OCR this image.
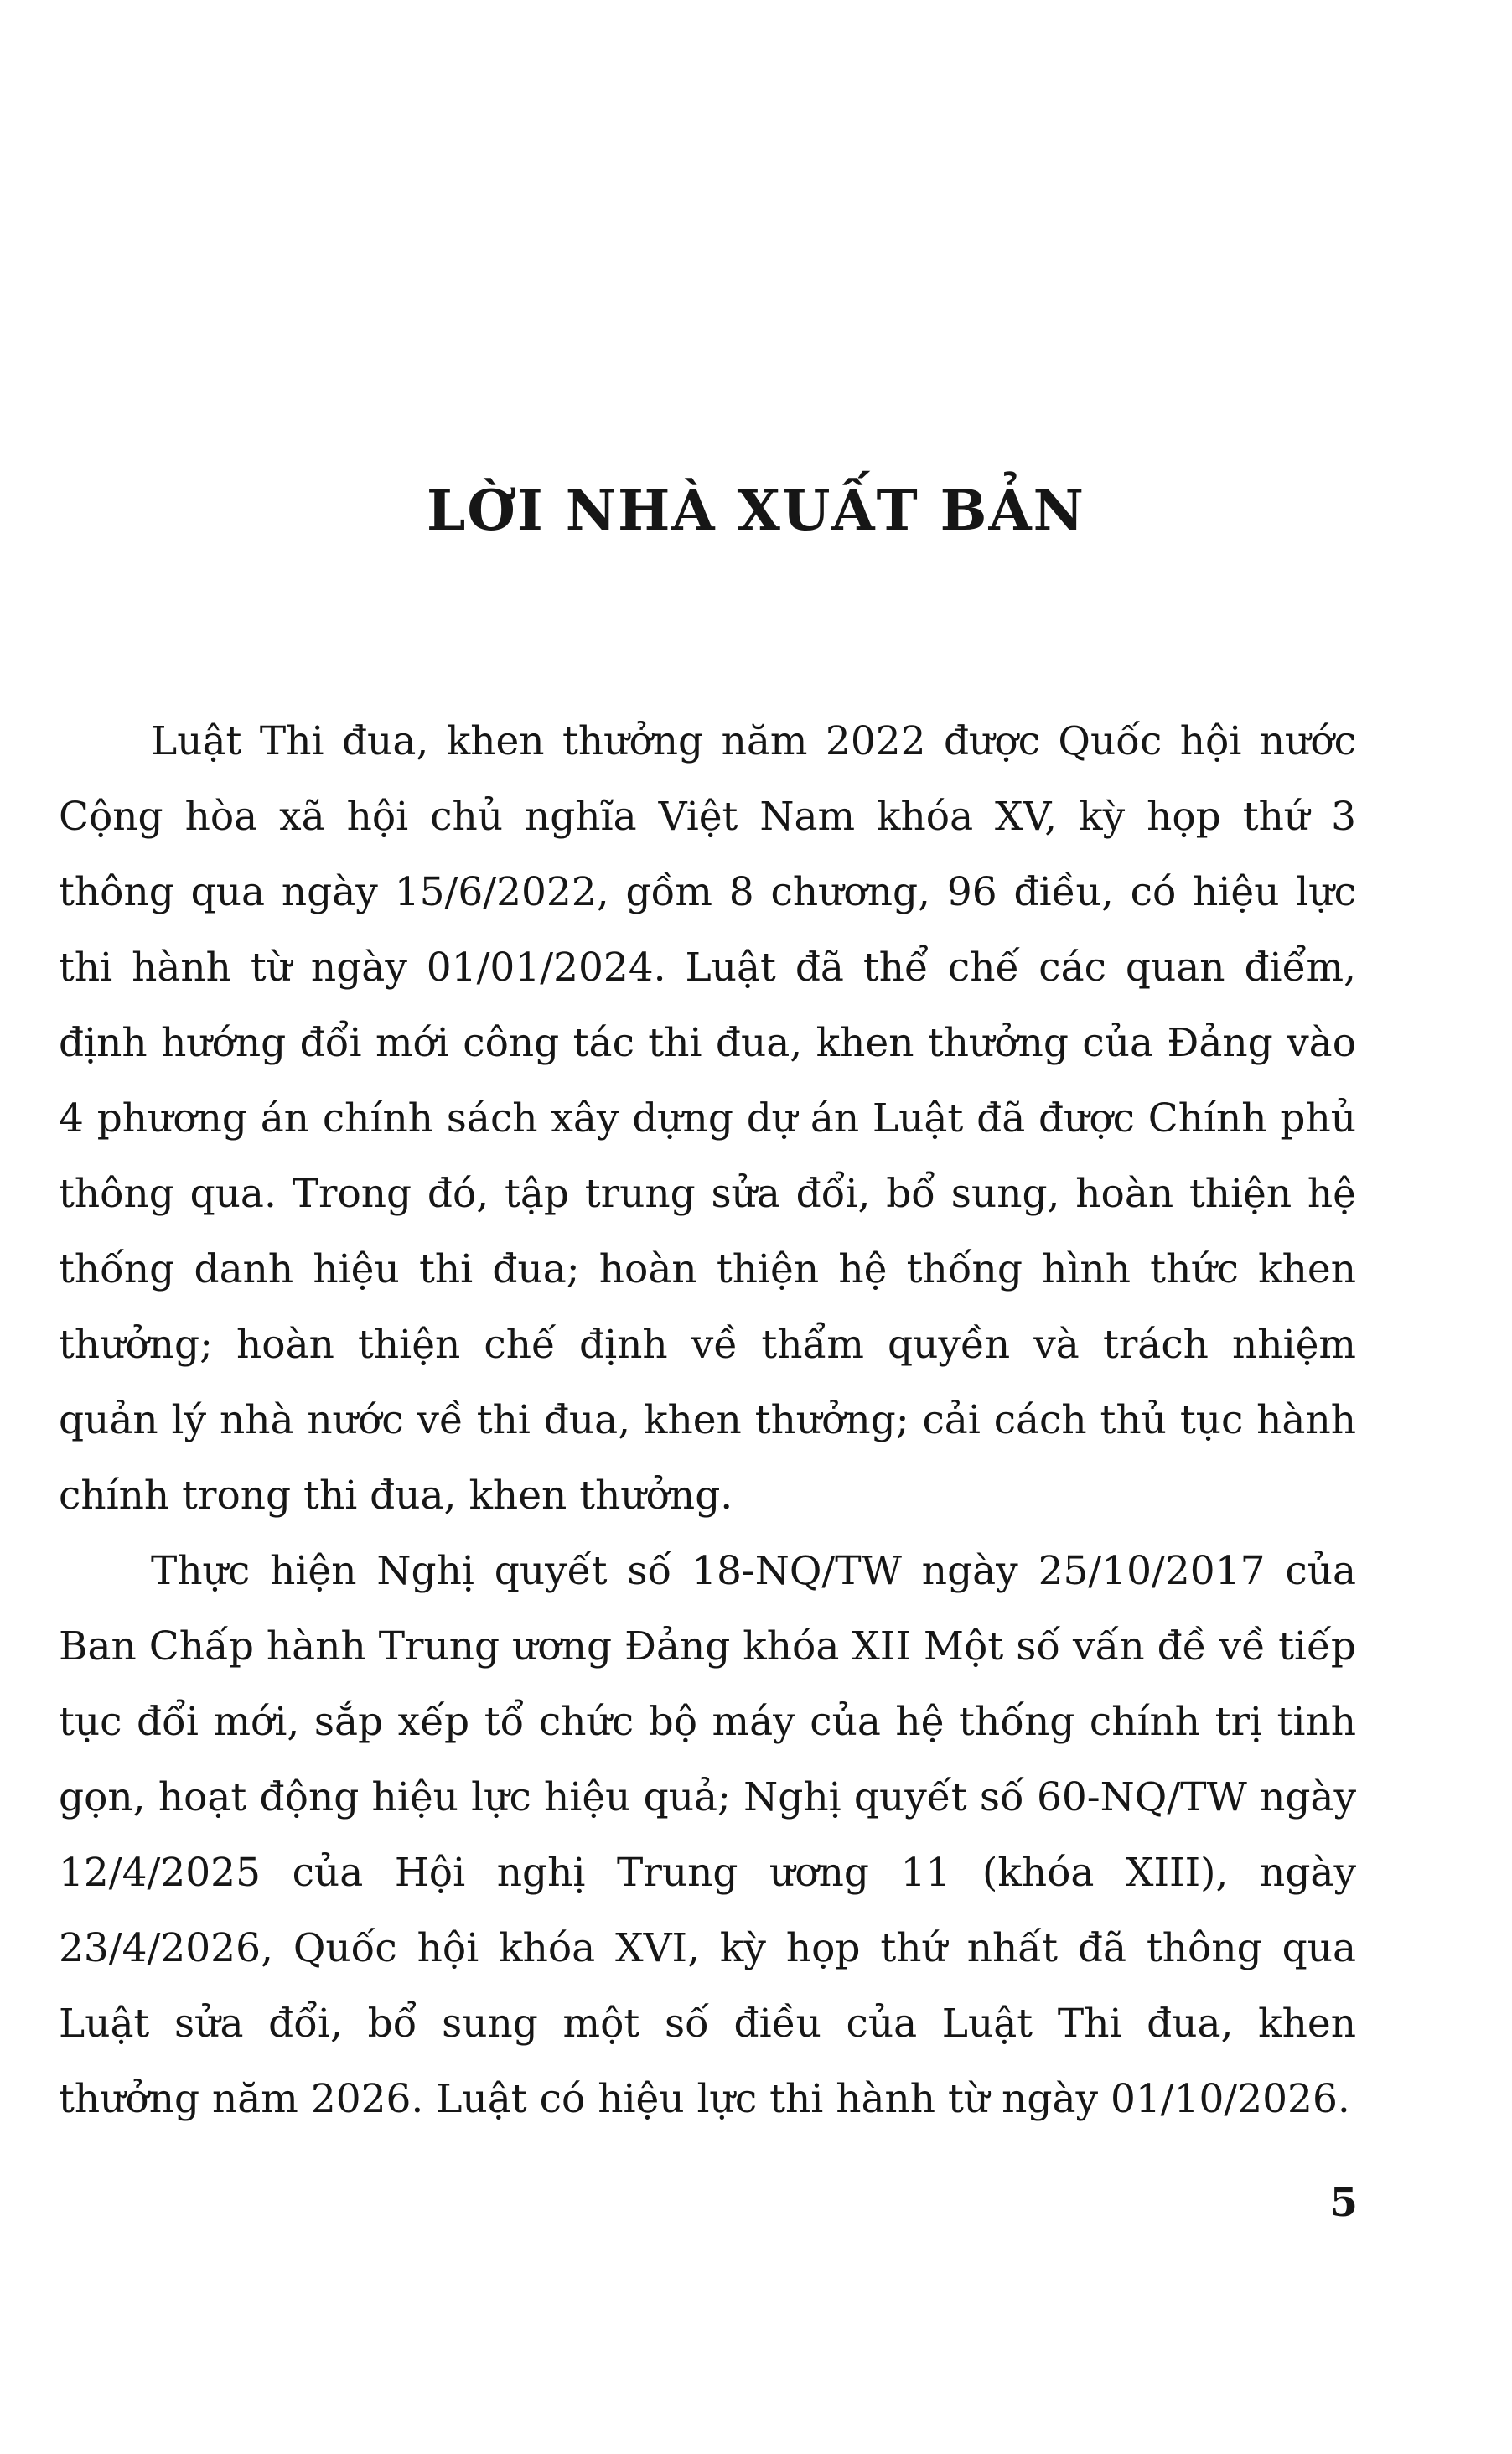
LỜI NHÀ XUẤT BẢN

Luật Thi đua, khen thưởng năm 2022 được Quốc hội nước Cộng hòa xã hội chủ nghĩa Việt Nam khóa XV, kỳ họp thứ 3 thông qua ngày 15/6/2022, gồm 8 chương, 96 điều, có hiệu lực thi hành từ ngày 01/01/2024. Luật đã thể chế các quan điểm, định hướng đổi mới công tác thi đua, khen thưởng của Đảng vào 4 phương án chính sách xây dựng dự án Luật đã được Chính phủ thông qua. Trong đó, tập trung sửa đổi, bổ sung, hoàn thiện hệ thống danh hiệu thi đua; hoàn thiện hệ thống hình thức khen thưởng; hoàn thiện chế định về thẩm quyền và trách nhiệm quản lý nhà nước về thi đua, khen thưởng; cải cách thủ tục hành chính trong thi đua, khen thưởng.

Thực hiện Nghị quyết số 18-NQ/TW ngày 25/10/2017 của Ban Chấp hành Trung ương Đảng khóa XII Một số vấn đề về tiếp tục đổi mới, sắp xếp tổ chức bộ máy của hệ thống chính trị tinh gọn, hoạt động hiệu lực hiệu quả; Nghị quyết số 60-NQ/TW ngày 12/4/2025 của Hội nghị Trung ương 11 (khóa XIII), ngày 23/4/2026, Quốc hội khóa XVI, kỳ họp thứ nhất đã thông qua Luật sửa đổi, bổ sung một số điều của Luật Thi đua, khen thưởng năm 2026. Luật có hiệu lực thi hành từ ngày 01/10/2026.

5
